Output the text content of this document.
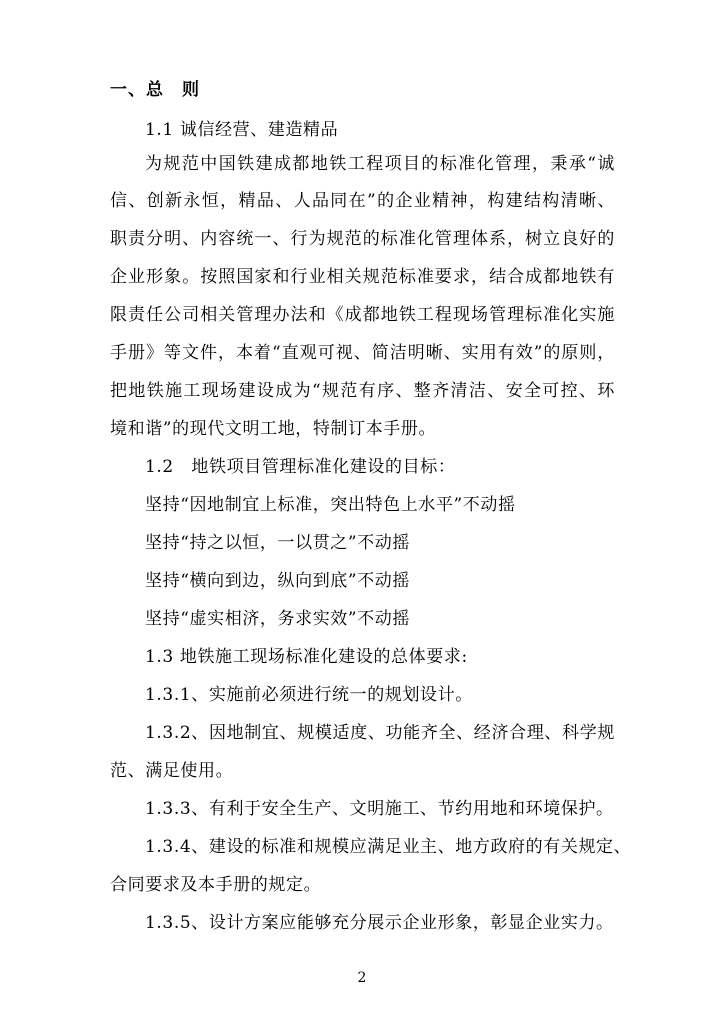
一、总　则
1.1 诚信经营、建造精品
为规范中国铁建成都地铁工程项目的标准化管理，秉承“诚
信、创新永恒，精品、人品同在”的企业精神，构建结构清晰、
职责分明、内容统一、行为规范的标准化管理体系，树立良好的
企业形象。按照国家和行业相关规范标准要求，结合成都地铁有
限责任公司相关管理办法和《成都地铁工程现场管理标准化实施
手册》等文件，本着“直观可视、简洁明晰、实用有效”的原则，
把地铁施工现场建设成为“规范有序、整齐清洁、安全可控、环
境和谐”的现代文明工地，特制订本手册。
1.2　地铁项目管理标准化建设的目标：
坚持“因地制宜上标准，突出特色上水平”不动摇
坚持“持之以恒，一以贯之”不动摇
坚持“横向到边，纵向到底”不动摇
坚持“虚实相济，务求实效”不动摇
1.3 地铁施工现场标准化建设的总体要求:
1.3.1、实施前必须进行统一的规划设计。
1.3.2、因地制宜、规模适度、功能齐全、经济合理、科学规
范、满足使用。
1.3.3、有利于安全生产、文明施工、节约用地和环境保护。
1.3.4、建设的标准和规模应满足业主、地方政府的有关规定、
合同要求及本手册的规定。
1.3.5、设计方案应能够充分展示企业形象，彰显企业实力。
2
